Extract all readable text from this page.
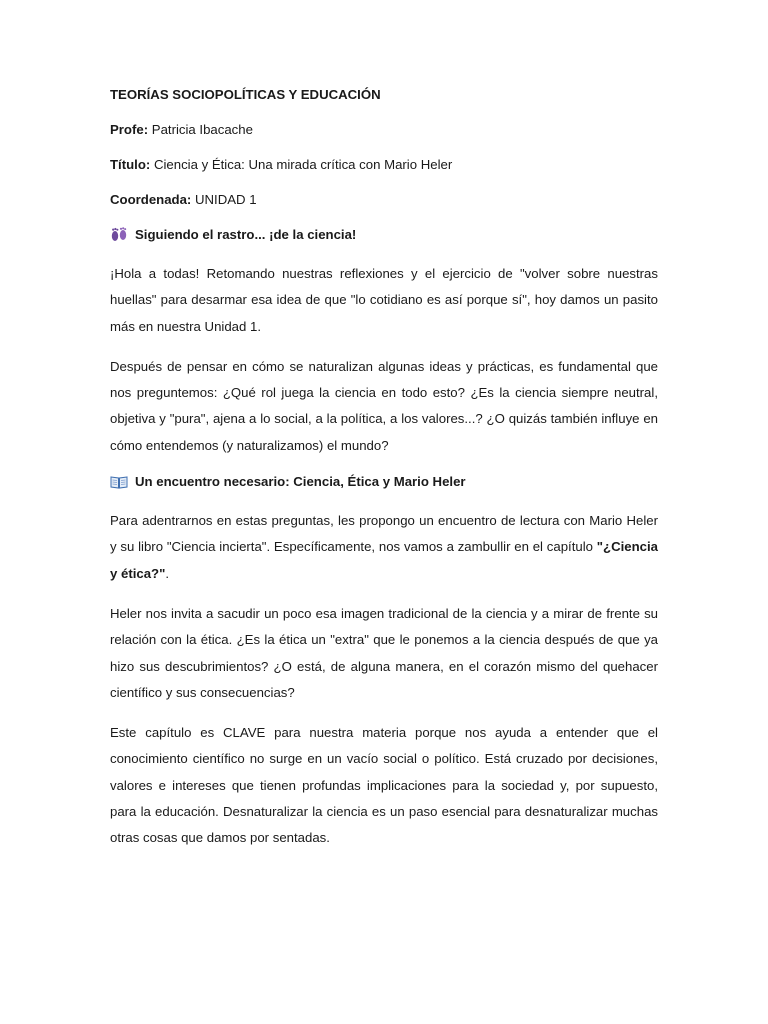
TEORÍAS SOCIOPOLÍTICAS Y EDUCACIÓN

Profe: Patricia Ibacache

Título: Ciencia y Ética: Una mirada crítica con Mario Heler

Coordenada: UNIDAD 1

Siguiendo el rastro... ¡de la ciencia!

¡Hola a todas! Retomando nuestras reflexiones y el ejercicio de "volver sobre nuestras huellas" para desarmar esa idea de que "lo cotidiano es así porque sí", hoy damos un pasito más en nuestra Unidad 1.

Después de pensar en cómo se naturalizan algunas ideas y prácticas, es fundamental que nos preguntemos: ¿Qué rol juega la ciencia en todo esto? ¿Es la ciencia siempre neutral, objetiva y "pura", ajena a lo social, a la política, a los valores...? ¿O quizás también influye en cómo entendemos (y naturalizamos) el mundo?

Un encuentro necesario: Ciencia, Ética y Mario Heler

Para adentrarnos en estas preguntas, les propongo un encuentro de lectura con Mario Heler y su libro "Ciencia incierta". Específicamente, nos vamos a zambullir en el capítulo "¿Ciencia y ética?".

Heler nos invita a sacudir un poco esa imagen tradicional de la ciencia y a mirar de frente su relación con la ética. ¿Es la ética un "extra" que le ponemos a la ciencia después de que ya hizo sus descubrimientos? ¿O está, de alguna manera, en el corazón mismo del quehacer científico y sus consecuencias?

Este capítulo es CLAVE para nuestra materia porque nos ayuda a entender que el conocimiento científico no surge en un vacío social o político. Está cruzado por decisiones, valores e intereses que tienen profundas implicaciones para la sociedad y, por supuesto, para la educación. Desnaturalizar la ciencia es un paso esencial para desnaturalizar muchas otras cosas que damos por sentadas.
